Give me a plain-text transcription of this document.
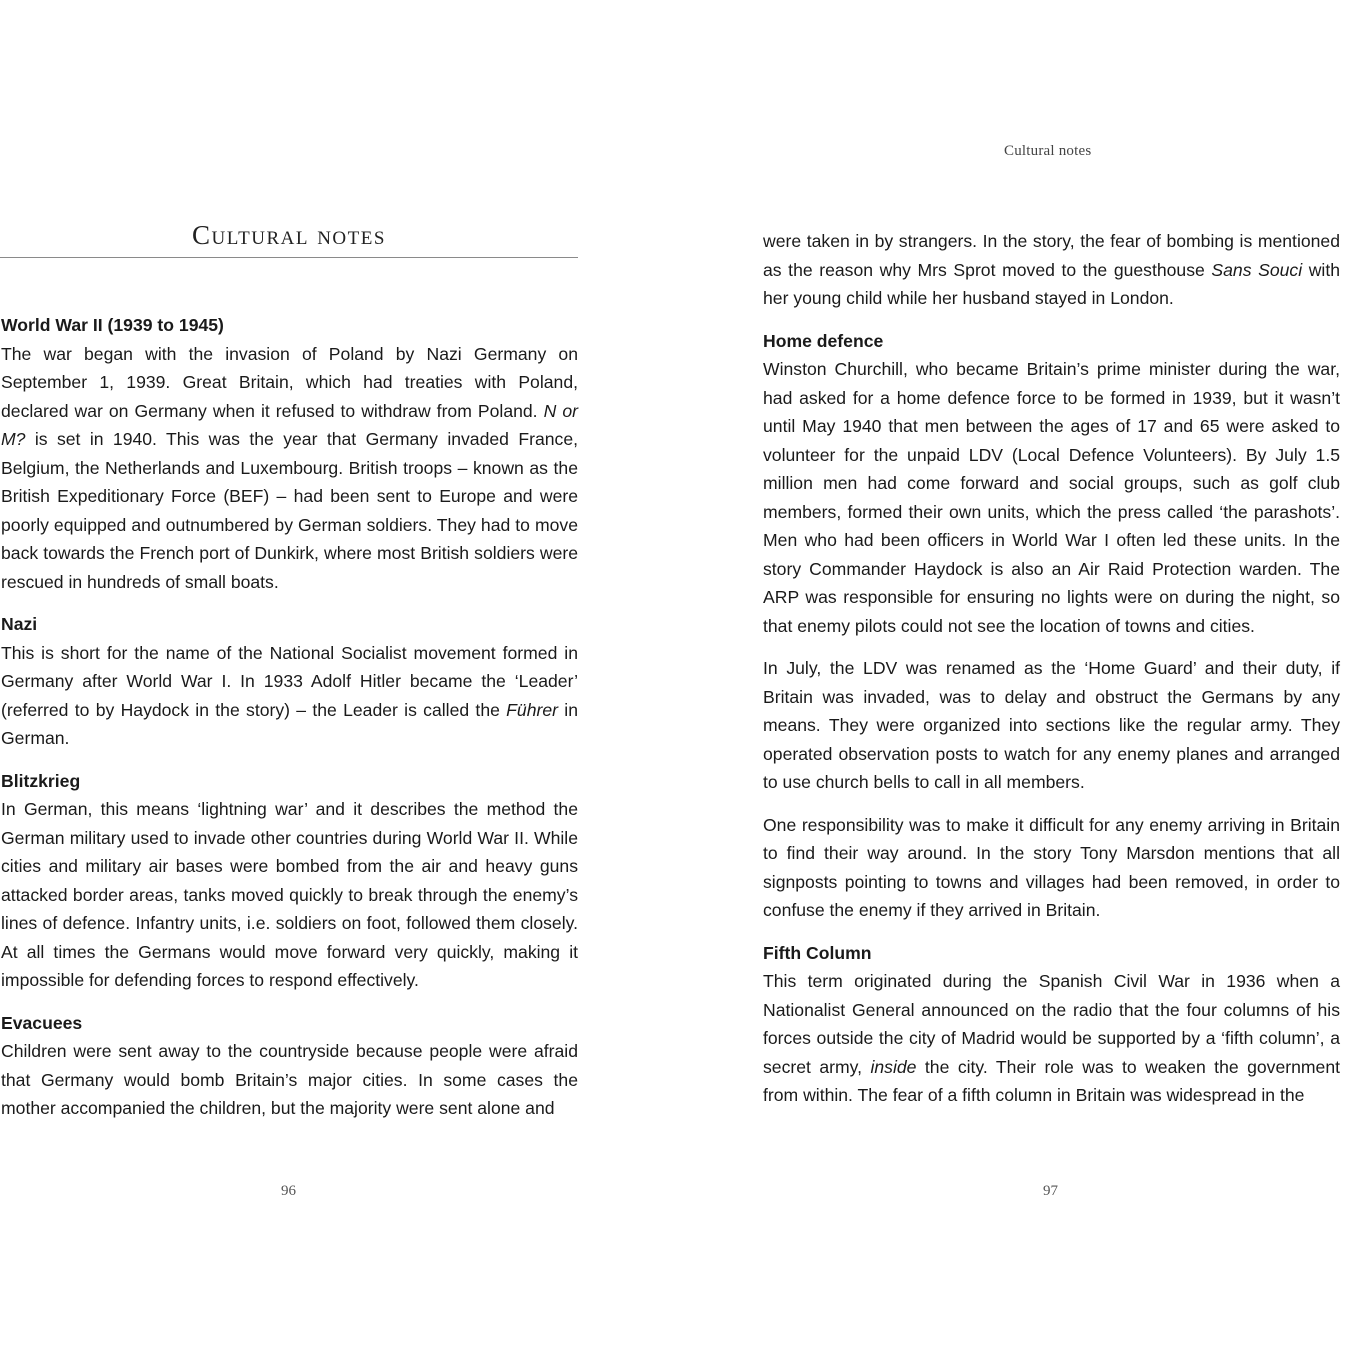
Cultural notes
Cultural notes
World War II (1939 to 1945)

The war began with the invasion of Poland by Nazi Germany on September 1, 1939. Great Britain, which had treaties with Poland, declared war on Germany when it refused to withdraw from Poland. N or M? is set in 1940. This was the year that Germany invaded France, Belgium, the Netherlands and Luxembourg. British troops – known as the British Expeditionary Force (BEF) – had been sent to Europe and were poorly equipped and outnumbered by German soldiers. They had to move back towards the French port of Dunkirk, where most British soldiers were rescued in hundreds of small boats.

Nazi

This is short for the name of the National Socialist movement formed in Germany after World War I. In 1933 Adolf Hitler became the ‘Leader’ (referred to by Haydock in the story) – the Leader is called the Führer in German.

Blitzkrieg

In German, this means ‘lightning war’ and it describes the method the German military used to invade other countries during World War II. While cities and military air bases were bombed from the air and heavy guns attacked border areas, tanks moved quickly to break through the enemy’s lines of defence. Infantry units, i.e. soldiers on foot, followed them closely. At all times the Germans would move forward very quickly, making it impossible for defending forces to respond effectively.

Evacuees

Children were sent away to the countryside because people were afraid that Germany would bomb Britain’s major cities. In some cases the mother accompanied the children, but the majority were sent alone and

96

were taken in by strangers. In the story, the fear of bombing is mentioned as the reason why Mrs Sprot moved to the guesthouse Sans Souci with her young child while her husband stayed in London.

Home defence

Winston Churchill, who became Britain’s prime minister during the war, had asked for a home defence force to be formed in 1939, but it wasn’t until May 1940 that men between the ages of 17 and 65 were asked to volunteer for the unpaid LDV (Local Defence Volunteers). By July 1.5 million men had come forward and social groups, such as golf club members, formed their own units, which the press called ‘the parashots’. Men who had been officers in World War I often led these units. In the story Commander Haydock is also an Air Raid Protection warden. The ARP was responsible for ensuring no lights were on during the night, so that enemy pilots could not see the location of towns and cities.

In July, the LDV was renamed as the ‘Home Guard’ and their duty, if Britain was invaded, was to delay and obstruct the Germans by any means. They were organized into sections like the regular army. They operated observation posts to watch for any enemy planes and arranged to use church bells to call in all members.

One responsibility was to make it difficult for any enemy arriving in Britain to find their way around. In the story Tony Marsdon mentions that all signposts pointing to towns and villages had been removed, in order to confuse the enemy if they arrived in Britain.

Fifth Column

This term originated during the Spanish Civil War in 1936 when a Nationalist General announced on the radio that the four columns of his forces outside the city of Madrid would be supported by a ‘fifth column’, a secret army, inside the city. Their role was to weaken the government from within. The fear of a fifth column in Britain was widespread in the

97
